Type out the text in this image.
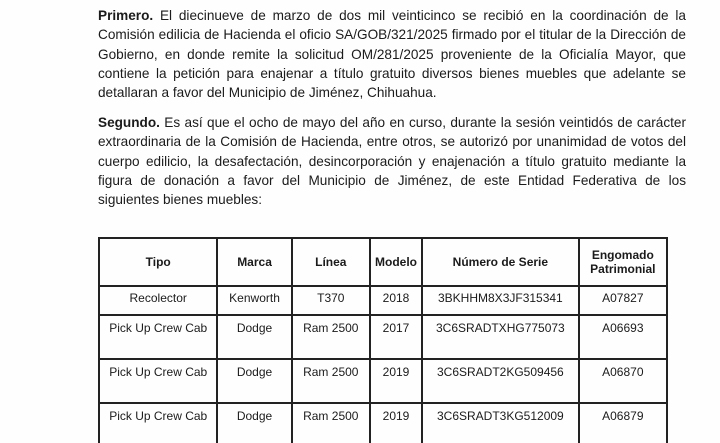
Primero. El diecinueve de marzo de dos mil veinticinco se recibió en la coordinación de la Comisión edilicia de Hacienda el oficio SA/GOB/321/2025 firmado por el titular de la Dirección de Gobierno, en donde remite la solicitud OM/281/2025 proveniente de la Oficialía Mayor, que contiene la petición para enajenar a título gratuito diversos bienes muebles que adelante se detallaran a favor del Municipio de Jiménez, Chihuahua.

Segundo. Es así que el ocho de mayo del año en curso, durante la sesión veintidós de carácter extraordinaria de la Comisión de Hacienda, entre otros, se autorizó por unanimidad de votos del cuerpo edilicio, la desafectación, desincorporación y enajenación a título gratuito mediante la figura de donación a favor del Municipio de Jiménez, de este Entidad Federativa de los siguientes bienes muebles:

Tipo	Marca	Línea	Modelo	Número de Serie	Engomado Patrimonial
Recolector	Kenworth	T370	2018	3BKHHM8X3JF315341	A07827
Pick Up Crew Cab	Dodge	Ram 2500	2017	3C6SRADTXHG775073	A06693
Pick Up Crew Cab	Dodge	Ram 2500	2019	3C6SRADT2KG509456	A06870
Pick Up Crew Cab	Dodge	Ram 2500	2019	3C6SRADT3KG512009	A06879
